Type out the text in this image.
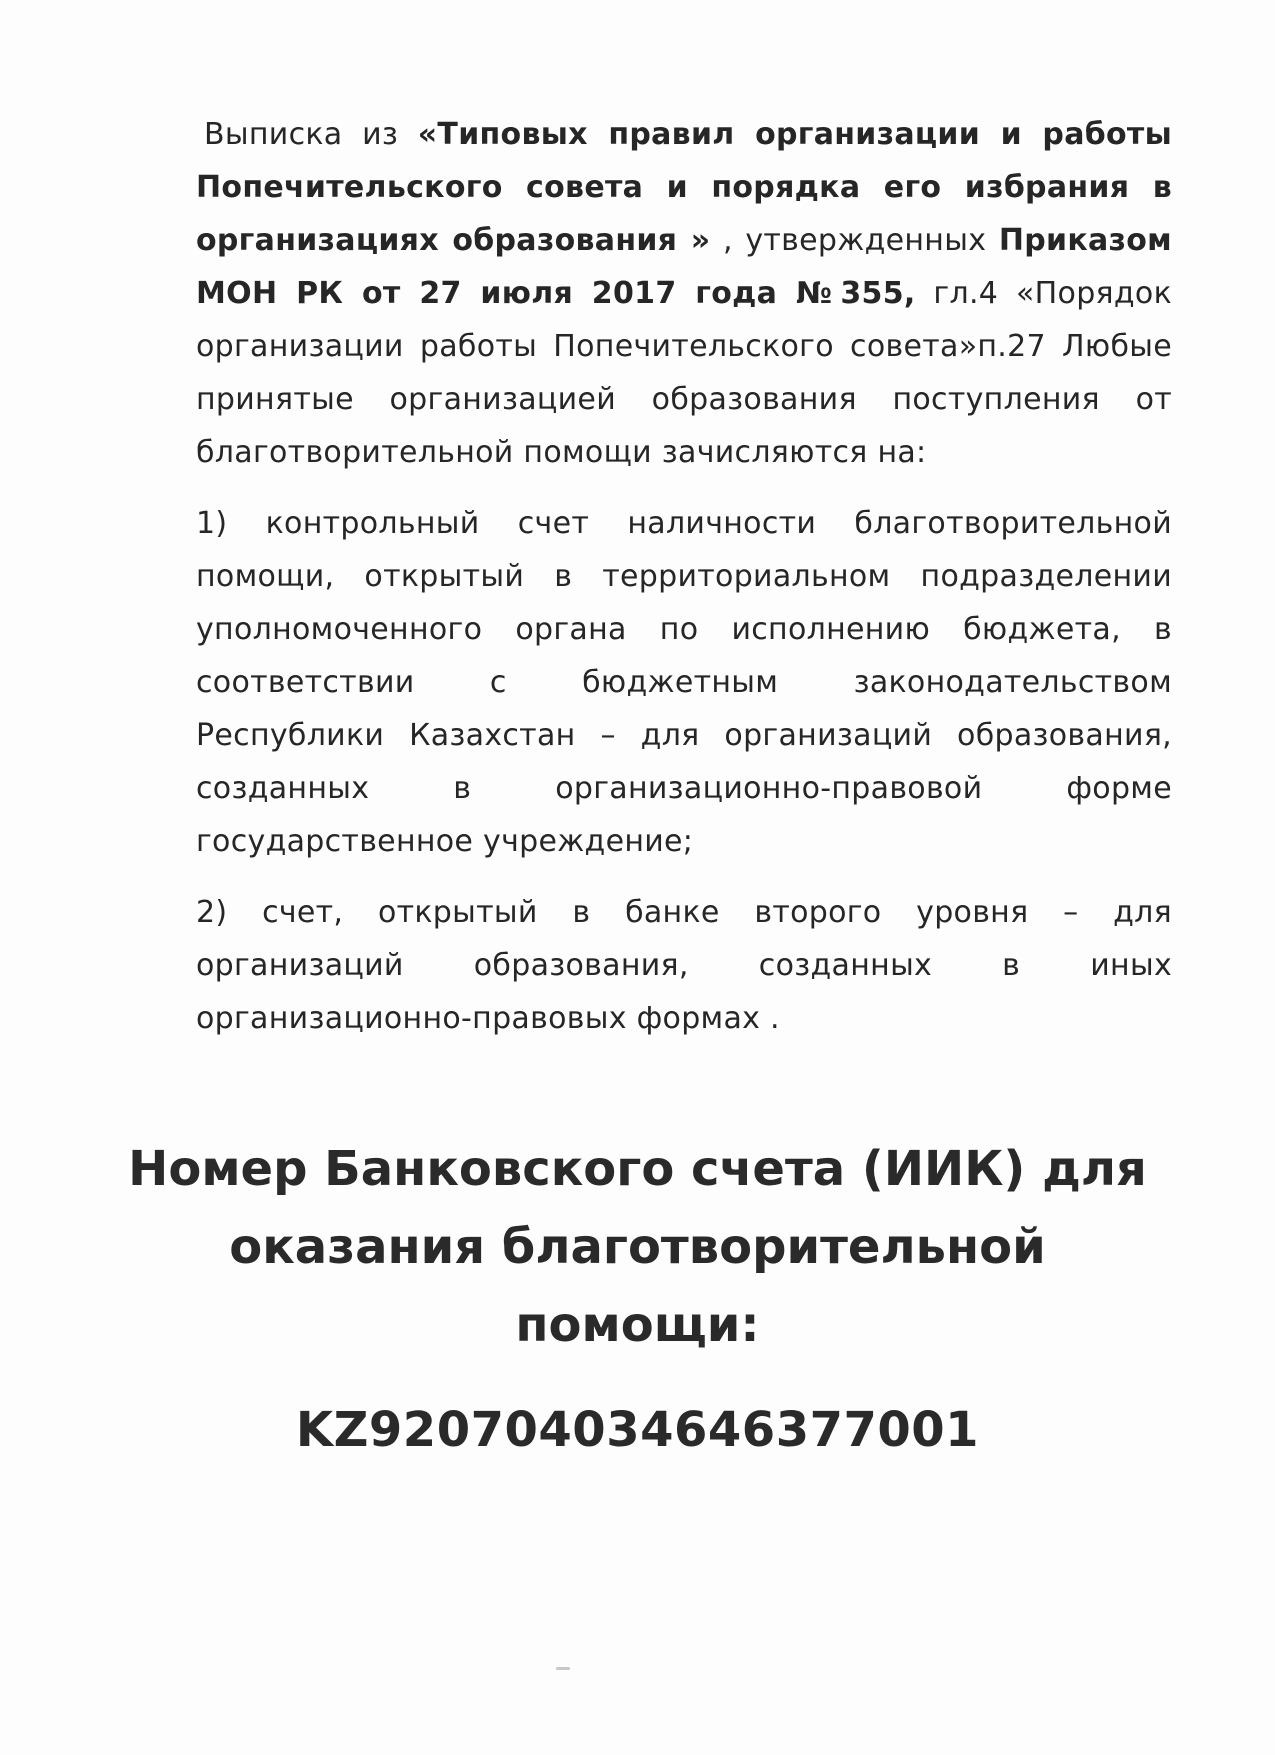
Выписка из «Типовых правил организации и работы Попечительского совета и порядка его избрания в организациях образования » , утвержденных Приказом МОН РК от 27 июля 2017 года №355, гл.4 «Порядок организации работы Попечительского совета»п.27 Любые принятые организацией образования поступления от благотворительной помощи зачисляются на:

1) контрольный счет наличности благотворительной помощи, открытый в территориальном подразделении уполномоченного органа по исполнению бюджета, в соответствии с бюджетным законодательством Республики Казахстан – для организаций образования, созданных в организационно-правовой форме государственное учреждение;

2) счет, открытый в банке второго уровня – для организаций образования, созданных в иных организационно-правовых формах .

Номер Банковского счета (ИИК) для
оказания благотворительной
помощи:

KZ920704034646377001
